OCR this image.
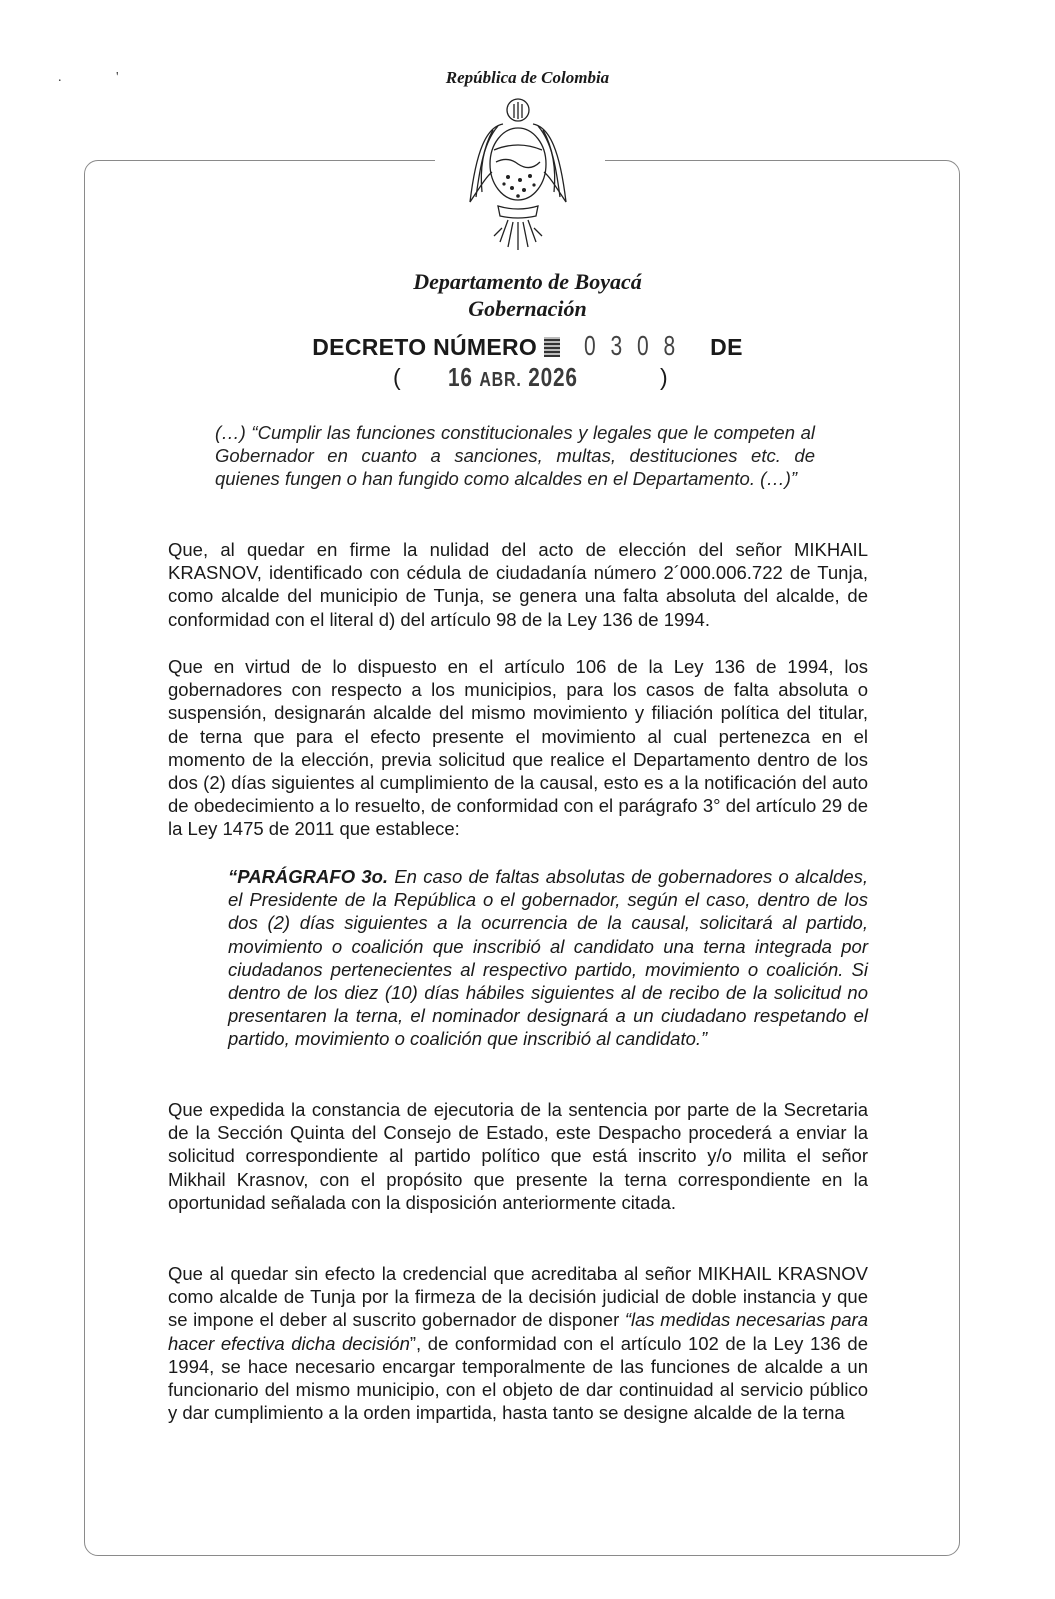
.	'	República de Colombia
Departamento de Boyacá
Gobernación
DECRETO NÚMERO 0 3 0 8 DE
( 16 ABR. 2026	)
(…) “Cumplir las funciones constitucionales y legales que le competen al Gobernador en cuanto a sanciones, multas, destituciones etc. de quienes fungen o han fungido como alcaldes en el Departamento. (…)”
Que, al quedar en firme la nulidad del acto de elección del señor MIKHAIL KRASNOV, identificado con cédula de ciudadanía número 2´000.006.722 de Tunja, como alcalde del municipio de Tunja, se genera una falta absoluta del alcalde, de conformidad con el literal d) del artículo 98 de la Ley 136 de 1994.
Que en virtud de lo dispuesto en el artículo 106 de la Ley 136 de 1994, los gobernadores con respecto a los municipios, para los casos de falta absoluta o suspensión, designarán alcalde del mismo movimiento y filiación política del titular, de terna que para el efecto presente el movimiento al cual pertenezca en el momento de la elección, previa solicitud que realice el Departamento dentro de los dos (2) días siguientes al cumplimiento de la causal, esto es a la notificación del auto de obedecimiento a lo resuelto, de conformidad con el parágrafo 3° del artículo 29 de la Ley 1475 de 2011 que establece:
“PARÁGRAFO 3o. En caso de faltas absolutas de gobernadores o alcaldes, el Presidente de la República o el gobernador, según el caso, dentro de los dos (2) días siguientes a la ocurrencia de la causal, solicitará al partido, movimiento o coalición que inscribió al candidato una terna integrada por ciudadanos pertenecientes al respectivo partido, movimiento o coalición. Si dentro de los diez (10) días hábiles siguientes al de recibo de la solicitud no presentaren la terna, el nominador designará a un ciudadano respetando el partido, movimiento o coalición que inscribió al candidato.”
Que expedida la constancia de ejecutoria de la sentencia por parte de la Secretaria de la Sección Quinta del Consejo de Estado, este Despacho procederá a enviar la solicitud correspondiente al partido político que está inscrito y/o milita el señor Mikhail Krasnov, con el propósito que presente la terna correspondiente en la oportunidad señalada con la disposición anteriormente citada.
Que al quedar sin efecto la credencial que acreditaba al señor MIKHAIL KRASNOV como alcalde de Tunja por la firmeza de la decisión judicial de doble instancia y que se impone el deber al suscrito gobernador de disponer “las medidas necesarias para hacer efectiva dicha decisión”, de conformidad con el artículo 102 de la Ley 136 de 1994, se hace necesario encargar temporalmente de las funciones de alcalde a un funcionario del mismo municipio, con el objeto de dar continuidad al servicio público y dar cumplimiento a la orden impartida, hasta tanto se designe alcalde de la terna
